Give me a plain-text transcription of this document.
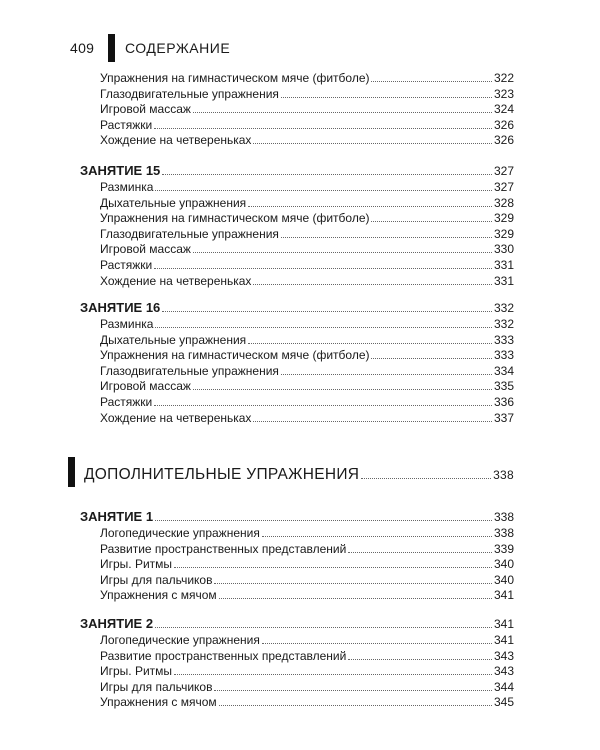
409	СОДЕРЖАНИЕ
Упражнения на гимнастическом мяче (фитболе)	322
Глазодвигательные упражнения	323
Игровой массаж	324
Растяжки	326
Хождение на четвереньках	326
ЗАНЯТИЕ 15	327
Разминка	327
Дыхательные упражнения	328
Упражнения на гимнастическом мяче (фитболе)	329
Глазодвигательные упражнения	329
Игровой массаж	330
Растяжки	331
Хождение на четвереньках	331
ЗАНЯТИЕ 16	332
Разминка	332
Дыхательные упражнения	333
Упражнения на гимнастическом мяче (фитболе)	333
Глазодвигательные упражнения	334
Игровой массаж	335
Растяжки	336
Хождение на четвереньках	337
ДОПОЛНИТЕЛЬНЫЕ УПРАЖНЕНИЯ	338
ЗАНЯТИЕ 1	338
Логопедические упражнения	338
Развитие пространственных представлений	339
Игры. Ритмы	340
Игры для пальчиков	340
Упражнения с мячом	341
ЗАНЯТИЕ 2	341
Логопедические упражнения	341
Развитие пространственных представлений	343
Игры. Ритмы	343
Игры для пальчиков	344
Упражнения с мячом	345
